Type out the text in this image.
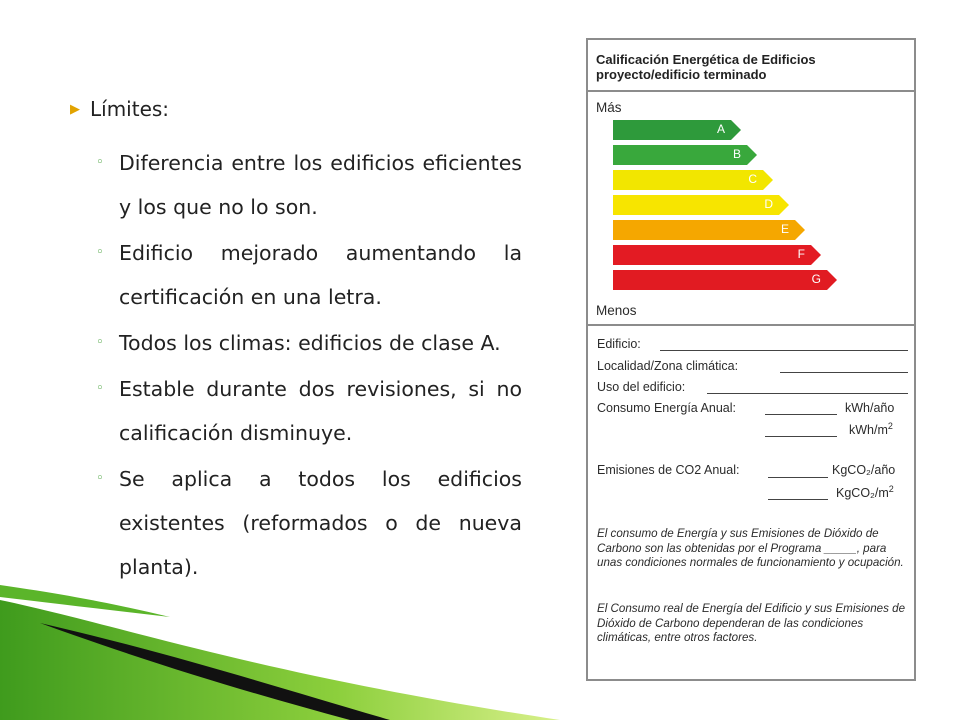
▶ Límites:
◦ Diferencia entre los edificios eficientes y los que no lo son.
◦ Edificio mejorado aumentando la certificación en una letra.
◦ Todos los climas: edificios de clase A.
◦ Estable durante dos revisiones, si no calificación disminuye.
◦ Se aplica a todos los edificios existentes (reformados o de nueva planta).
Calificación Energética de Edificios
proyecto/edificio terminado
Más
A
B
C
D
E
F
G
Menos
Edificio:
Localidad/Zona climática:
Uso del edificio:
Consumo Energía Anual:	kWh/año
kWh/$m^2$
Emisiones de CO2 Anual:	KgCO₂/año
KgCO₂/$m^2$
El consumo de Energía y sus Emisiones de Dióxido de Carbono son las obtenidas por el Programa _____, para unas condiciones normales de funcionamiento y ocupación.
El Consumo real de Energía del Edificio y sus Emisiones de Dióxido de Carbono dependeran de las condiciones climáticas, entre otros factores.
